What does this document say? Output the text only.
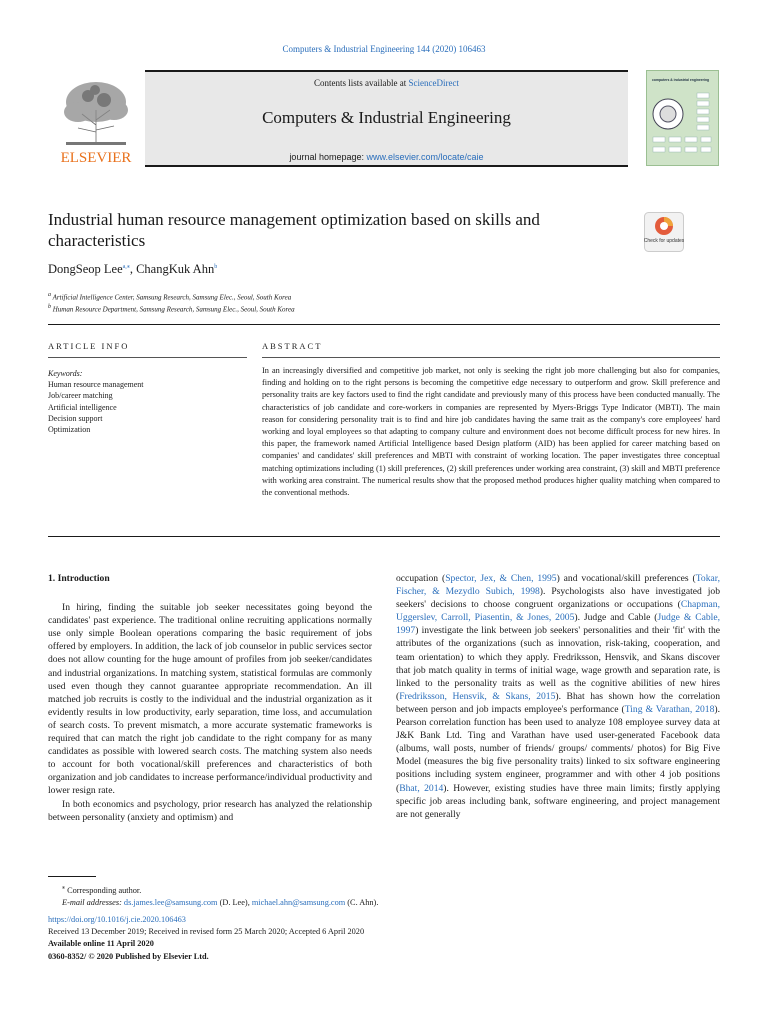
Computers & Industrial Engineering 144 (2020) 106463
ELSEVIER
Contents lists available at ScienceDirect
Computers & Industrial Engineering
journal homepage: www.elsevier.com/locate/caie
computers & industrial engineering
Industrial human resource management optimization based on skills and characteristics	Check for updates
DongSeop Lee$^{a,⁎}$, ChangKuk Ahn$^b$
$^a$ Artificial Intelligence Center, Samsung Research, Samsung Elec., Seoul, South Korea
$^b$ Human Resource Department, Samsung Research, Samsung Elec., Seoul, South Korea
ARTICLE INFO	ABSTRACT
Keywords:
Human resource management
Job/career matching
Artificial intelligence
Decision support
Optimization
In an increasingly diversified and competitive job market, not only is seeking the right job more challenging but also for companies, finding and holding on to the right persons is becoming the competitive edge necessary to outperform and grow. Skill preference and personality traits are key factors used to find the right candidate and previously many of this process have been conducted manually. The characteristics of job candidate and core-workers in companies are represented by Myers-Briggs Type Indicator (MBTI). The main reason for considering personality trait is to find and hire job candidates having the same trait as the company's core employees' hard working and loyal employees so that adapting to company culture and environment does not become difficult process for new hires. In this paper, the framework named Artificial Intelligence based Design platform (AID) has been applied for career matching based on companies' and candidates' skill preferences and MBTI with constraint of working location. The paper investigates three conceptual matching optimizations including (1) skill preferences, (2) skill preferences under working area constraint, (3) skill and MBTI preference with working area constraint. The numerical results show that the proposed method produces higher quality matching when compared to the conventional methods.

1. Introduction

In hiring, finding the suitable job seeker necessitates going beyond the candidates' past experience. The traditional online recruiting applications normally use only simple Boolean operations comparing the basic requirement of jobs offered by employers. In addition, the lack of job counselor in public services sector does not allow counting for the huge amount of profiles from job seeker/candidates and industrial organizations. In matching system, statistical formulas are commonly used even though they cannot guarantee appropriate recommendation. An ill matched job recruits is costly to the individual and the industrial organization as it evidently results in low productivity, early separation, time loss, and accumulation of search costs. To prevent mismatch, a more accurate systematic frameworks is required that can match the right job candidate to the right company for as many candidates as possible with lowered search costs. The matching system also needs to account for both vocational/skill preferences and characteristics of both organization and job candidates to increase performance/individual productivity and lower resign rate.

In both economics and psychology, prior research has analyzed the relationship between personality (anxiety and optimism) and

occupation (Spector, Jex, & Chen, 1995) and vocational/skill preferences (Tokar, Fischer, & Mezydlo Subich, 1998). Psychologists also have investigated job seekers' decisions to choose congruent organizations or occupations (Chapman, Uggerslev, Carroll, Piasentin, & Jones, 2005). Judge and Cable (Judge & Cable, 1997) investigate the link between job seekers' personalities and their 'fit' with the attributes of the organizations (such as innovation, risk-taking, cooperation, and team orientation) to which they apply. Fredriksson, Hensvik, and Skans discover that job match quality in terms of initial wage, wage growth and separation rate, is linked to the personality traits as well as the cognitive abilities of new hires (Fredriksson, Hensvik, & Skans, 2015). Bhat has shown how the correlation between person and job impacts employee's performance (Ting & Varathan, 2018). Pearson correlation function has been used to analyze 108 employee survey data at J&K Bank Ltd. Ting and Varathan have used user-generated Facebook data (albums, wall posts, number of friends/ groups/ comments/ photos) for Big Five Model (measures the big five personality traits) linked to six software engineering positions including system engineer, programmer and with other 4 job positions (Bhat, 2014). However, existing studies have three main limits; firstly applying specific job areas including bank, software engineering, and project management are not generally

⁎ Corresponding author.
E-mail addresses: ds.james.lee@samsung.com (D. Lee), michael.ahn@samsung.com (C. Ahn).
https://doi.org/10.1016/j.cie.2020.106463
Received 13 December 2019; Received in revised form 25 March 2020; Accepted 6 April 2020
Available online 11 April 2020
0360-8352/ © 2020 Published by Elsevier Ltd.
